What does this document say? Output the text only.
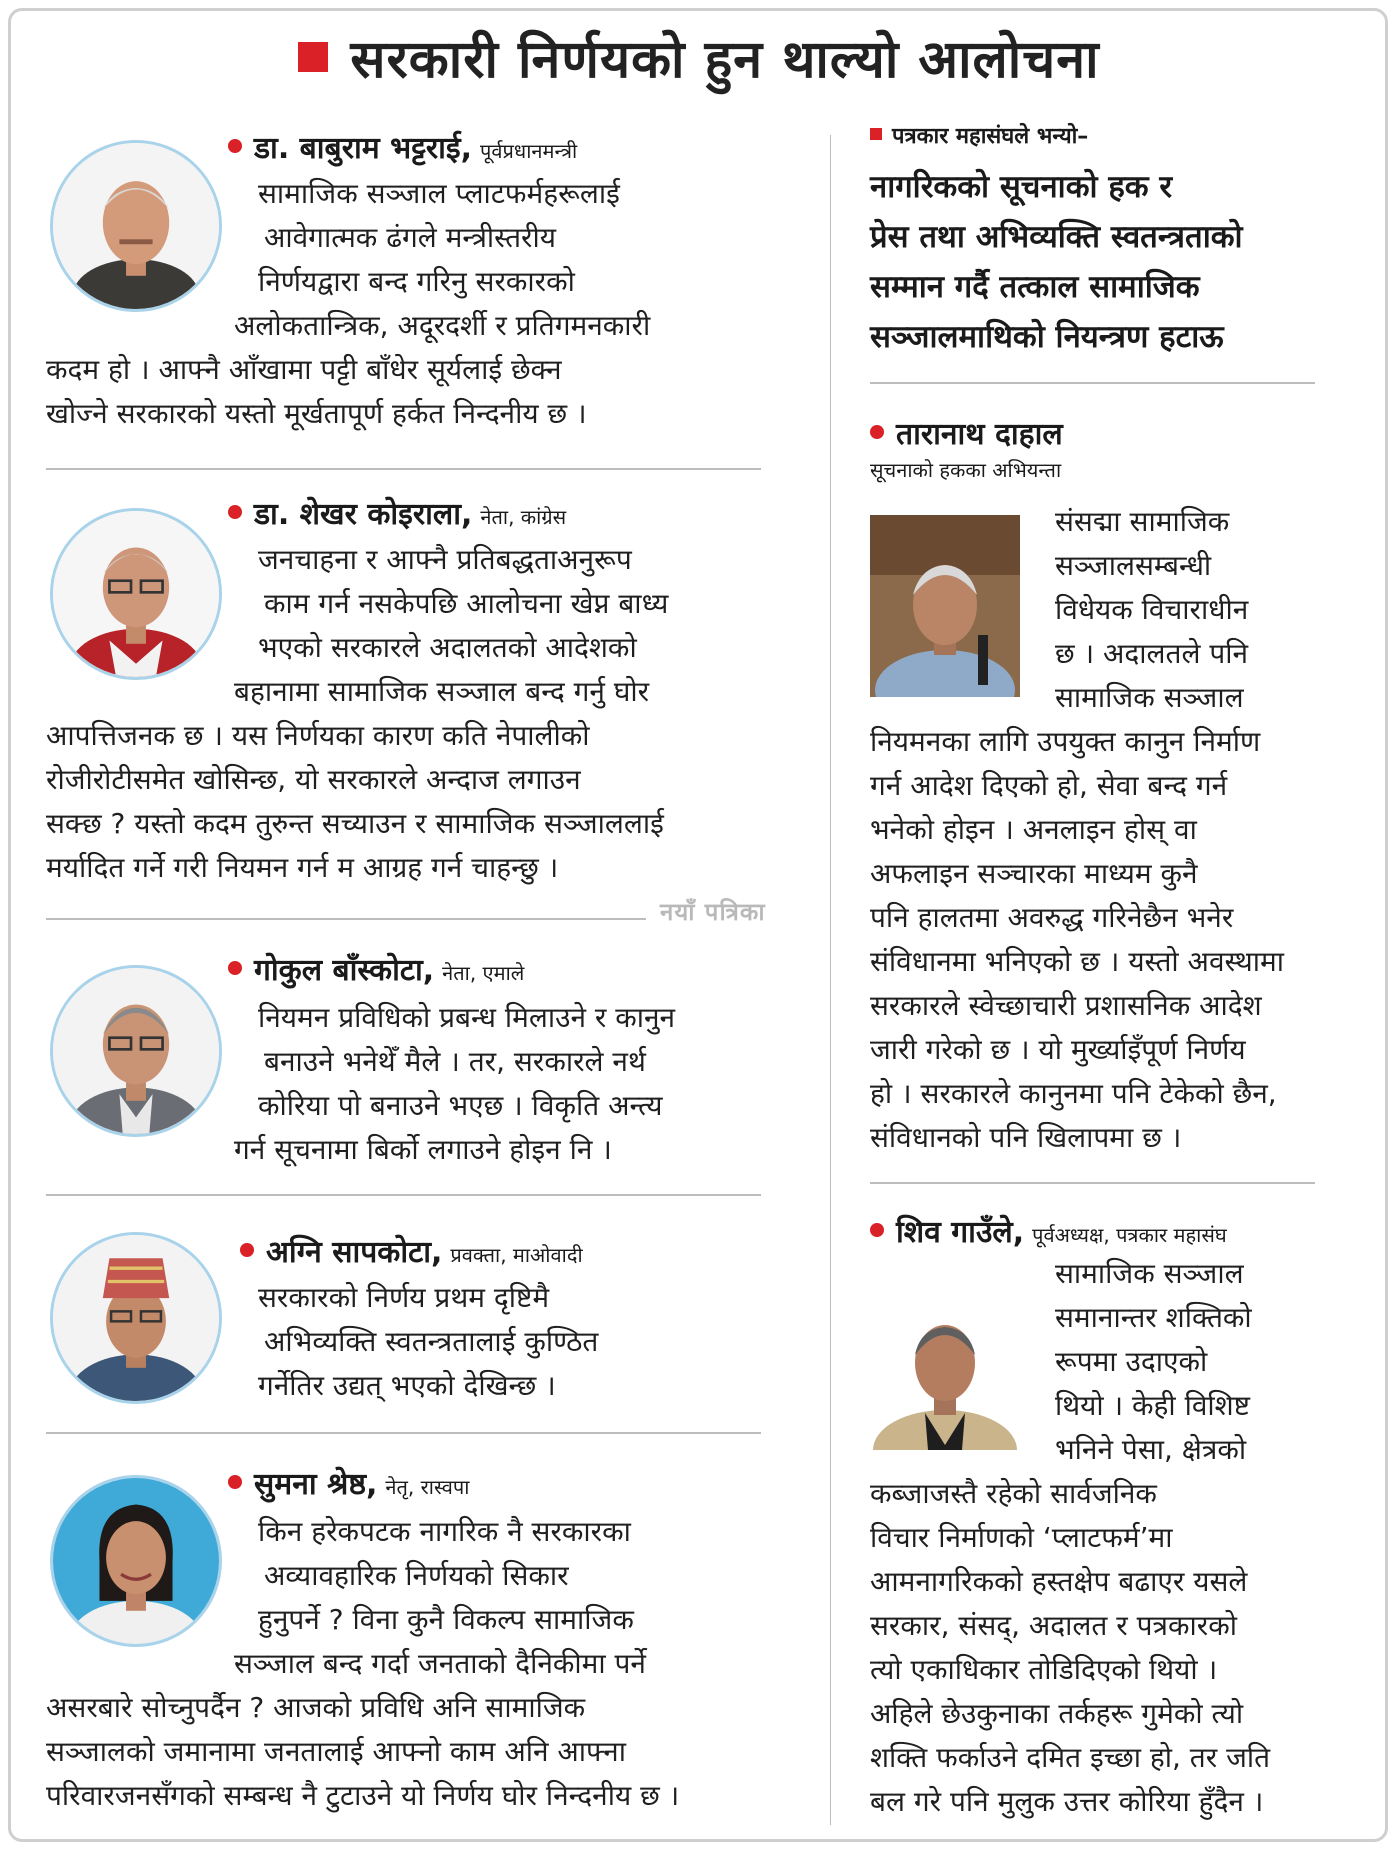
सरकारी निर्णयको हुन थाल्यो आलोचना
डा. बाबुराम भट्टराई, पूर्वप्रधानमन्त्री
सामाजिक सञ्जाल प्लाटफर्महरूलाई
आवेगात्मक ढंगले मन्त्रीस्तरीय
निर्णयद्वारा बन्द गरिनु सरकारको
अलोकतान्त्रिक, अदूरदर्शी र प्रतिगमनकारी
कदम हो । आफ्नै आँखामा पट्टी बाँधेर सूर्यलाई छेक्न
खोज्ने सरकारको यस्तो मूर्खतापूर्ण हर्कत निन्दनीय छ ।
डा. शेखर कोइराला, नेता, कांग्रेस
जनचाहना र आफ्नै प्रतिबद्धताअनुरूप
काम गर्न नसकेपछि आलोचना खेप्न बाध्य
भएको सरकारले अदालतको आदेशको
बहानामा सामाजिक सञ्जाल बन्द गर्नु घोर
आपत्तिजनक छ । यस निर्णयका कारण कति नेपालीको
रोजीरोटीसमेत खोसिन्छ, यो सरकारले अन्दाज लगाउन
सक्छ ? यस्तो कदम तुरुन्त सच्याउन र सामाजिक सञ्जाललाई
मर्यादित गर्ने गरी नियमन गर्न म आग्रह गर्न चाहन्छु ।
नयाँ पत्रिका
गोकुल बाँस्कोटा, नेता, एमाले
नियमन प्रविधिको प्रबन्ध मिलाउने र कानुन
बनाउने भनेथेँ मैले । तर, सरकारले नर्थ
कोरिया पो बनाउने भएछ । विकृति अन्त्य
गर्न सूचनामा बिर्को लगाउने होइन नि ।
अग्नि सापकोटा, प्रवक्ता, माओवादी
सरकारको निर्णय प्रथम दृष्टिमै
अभिव्यक्ति स्वतन्त्रतालाई कुण्ठित
गर्नेतिर उद्यत् भएको देखिन्छ ।
सुमना श्रेष्ठ, नेतृ, रास्वपा
किन हरेकपटक नागरिक नै सरकारका
अव्यावहारिक निर्णयको सिकार
हुनुपर्ने ? विना कुनै विकल्प सामाजिक
सञ्जाल बन्द गर्दा जनताको दैनिकीमा पर्ने
असरबारे सोच्नुपर्दैन ? आजको प्रविधि अनि सामाजिक
सञ्जालको जमानामा जनतालाई आफ्नो काम अनि आफ्ना
परिवारजनसँगको सम्बन्ध नै टुटाउने यो निर्णय घोर निन्दनीय छ ।
पत्रकार महासंघले भन्यो–
नागरिकको सूचनाको हक र
प्रेस तथा अभिव्यक्ति स्वतन्त्रताको
सम्मान गर्दै तत्काल सामाजिक
सञ्जालमाथिको नियन्त्रण हटाऊ
तारानाथ दाहाल
सूचनाको हकका अभियन्ता
संसद्मा सामाजिक
सञ्जालसम्बन्धी
विधेयक विचाराधीन
छ । अदालतले पनि
सामाजिक सञ्जाल
नियमनका लागि उपयुक्त कानुन निर्माण
गर्न आदेश दिएको हो, सेवा बन्द गर्न
भनेको होइन । अनलाइन होस् वा
अफलाइन सञ्चारका माध्यम कुनै
पनि हालतमा अवरुद्ध गरिनेछैन भनेर
संविधानमा भनिएको छ । यस्तो अवस्थामा
सरकारले स्वेच्छाचारी प्रशासनिक आदेश
जारी गरेको छ । यो मुर्ख्याइँपूर्ण निर्णय
हो । सरकारले कानुनमा पनि टेकेको छैन,
संविधानको पनि खिलापमा छ ।
शिव गाउँले, पूर्वअध्यक्ष, पत्रकार महासंघ
सामाजिक सञ्जाल
समानान्तर शक्तिको
रूपमा उदाएको
थियो । केही विशिष्ट
भनिने पेसा, क्षेत्रको
कब्जाजस्तै रहेको सार्वजनिक
विचार निर्माणको ‘प्लाटफर्म’मा
आमनागरिकको हस्तक्षेप बढाएर यसले
सरकार, संसद्, अदालत र पत्रकारको
त्यो एकाधिकार तोडिदिएको थियो ।
अहिले छेउकुनाका तर्कहरू गुमेको त्यो
शक्ति फर्काउने दमित इच्छा हो, तर जति
बल गरे पनि मुलुक उत्तर कोरिया हुँदैन ।
